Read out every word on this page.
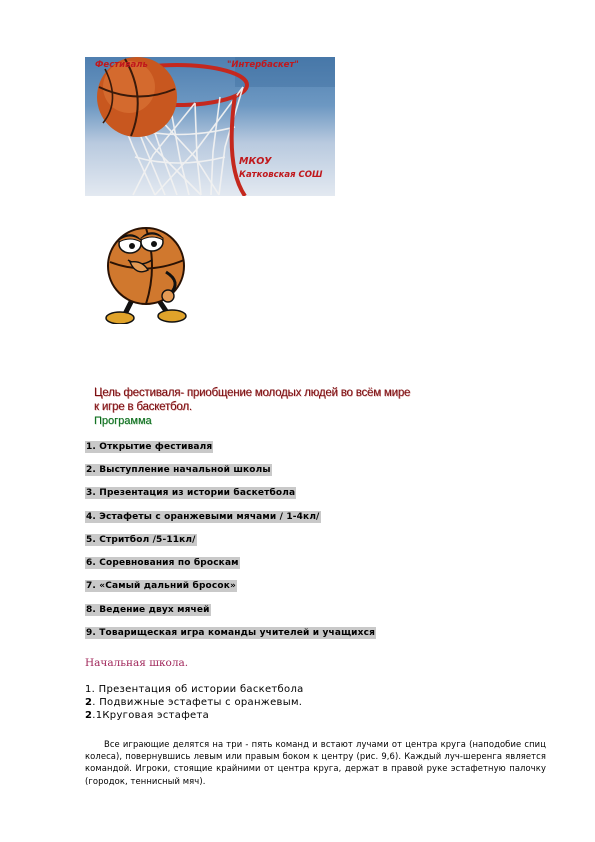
Фестиваль	"Интербаскет"
МКОУ
Катковская СОШ
Цель фестиваля- приобщение молодых людей во всём мире
к игре в баскетбол.
Программа
1. Открытие фестиваля
2. Выступление начальной школы
3. Презентация из истории баскетбола
4. Эстафеты с оранжевыми мячами / 1-4кл/
5. Стритбол /5-11кл/
6. Соревнования по броскам
7. «Самый дальний бросок»
8. Ведение двух мячей
9. Товарищеская игра команды учителей и учащихся
Начальная школа.
1. Презентация об истории баскетбола
2. Подвижные эстафеты с оранжевым.
2.1Круговая эстафета
Все играющие делятся на три - пять команд и встают лучами от центра круга (наподобие спиц колеса), повернувшись левым или правым боком к центру (рис. 9,6). Каждый луч-шеренга является командой. Игроки, стоящие крайними от центра круга, держат в правой руке эстафетную палочку (городок, теннисный мяч).
